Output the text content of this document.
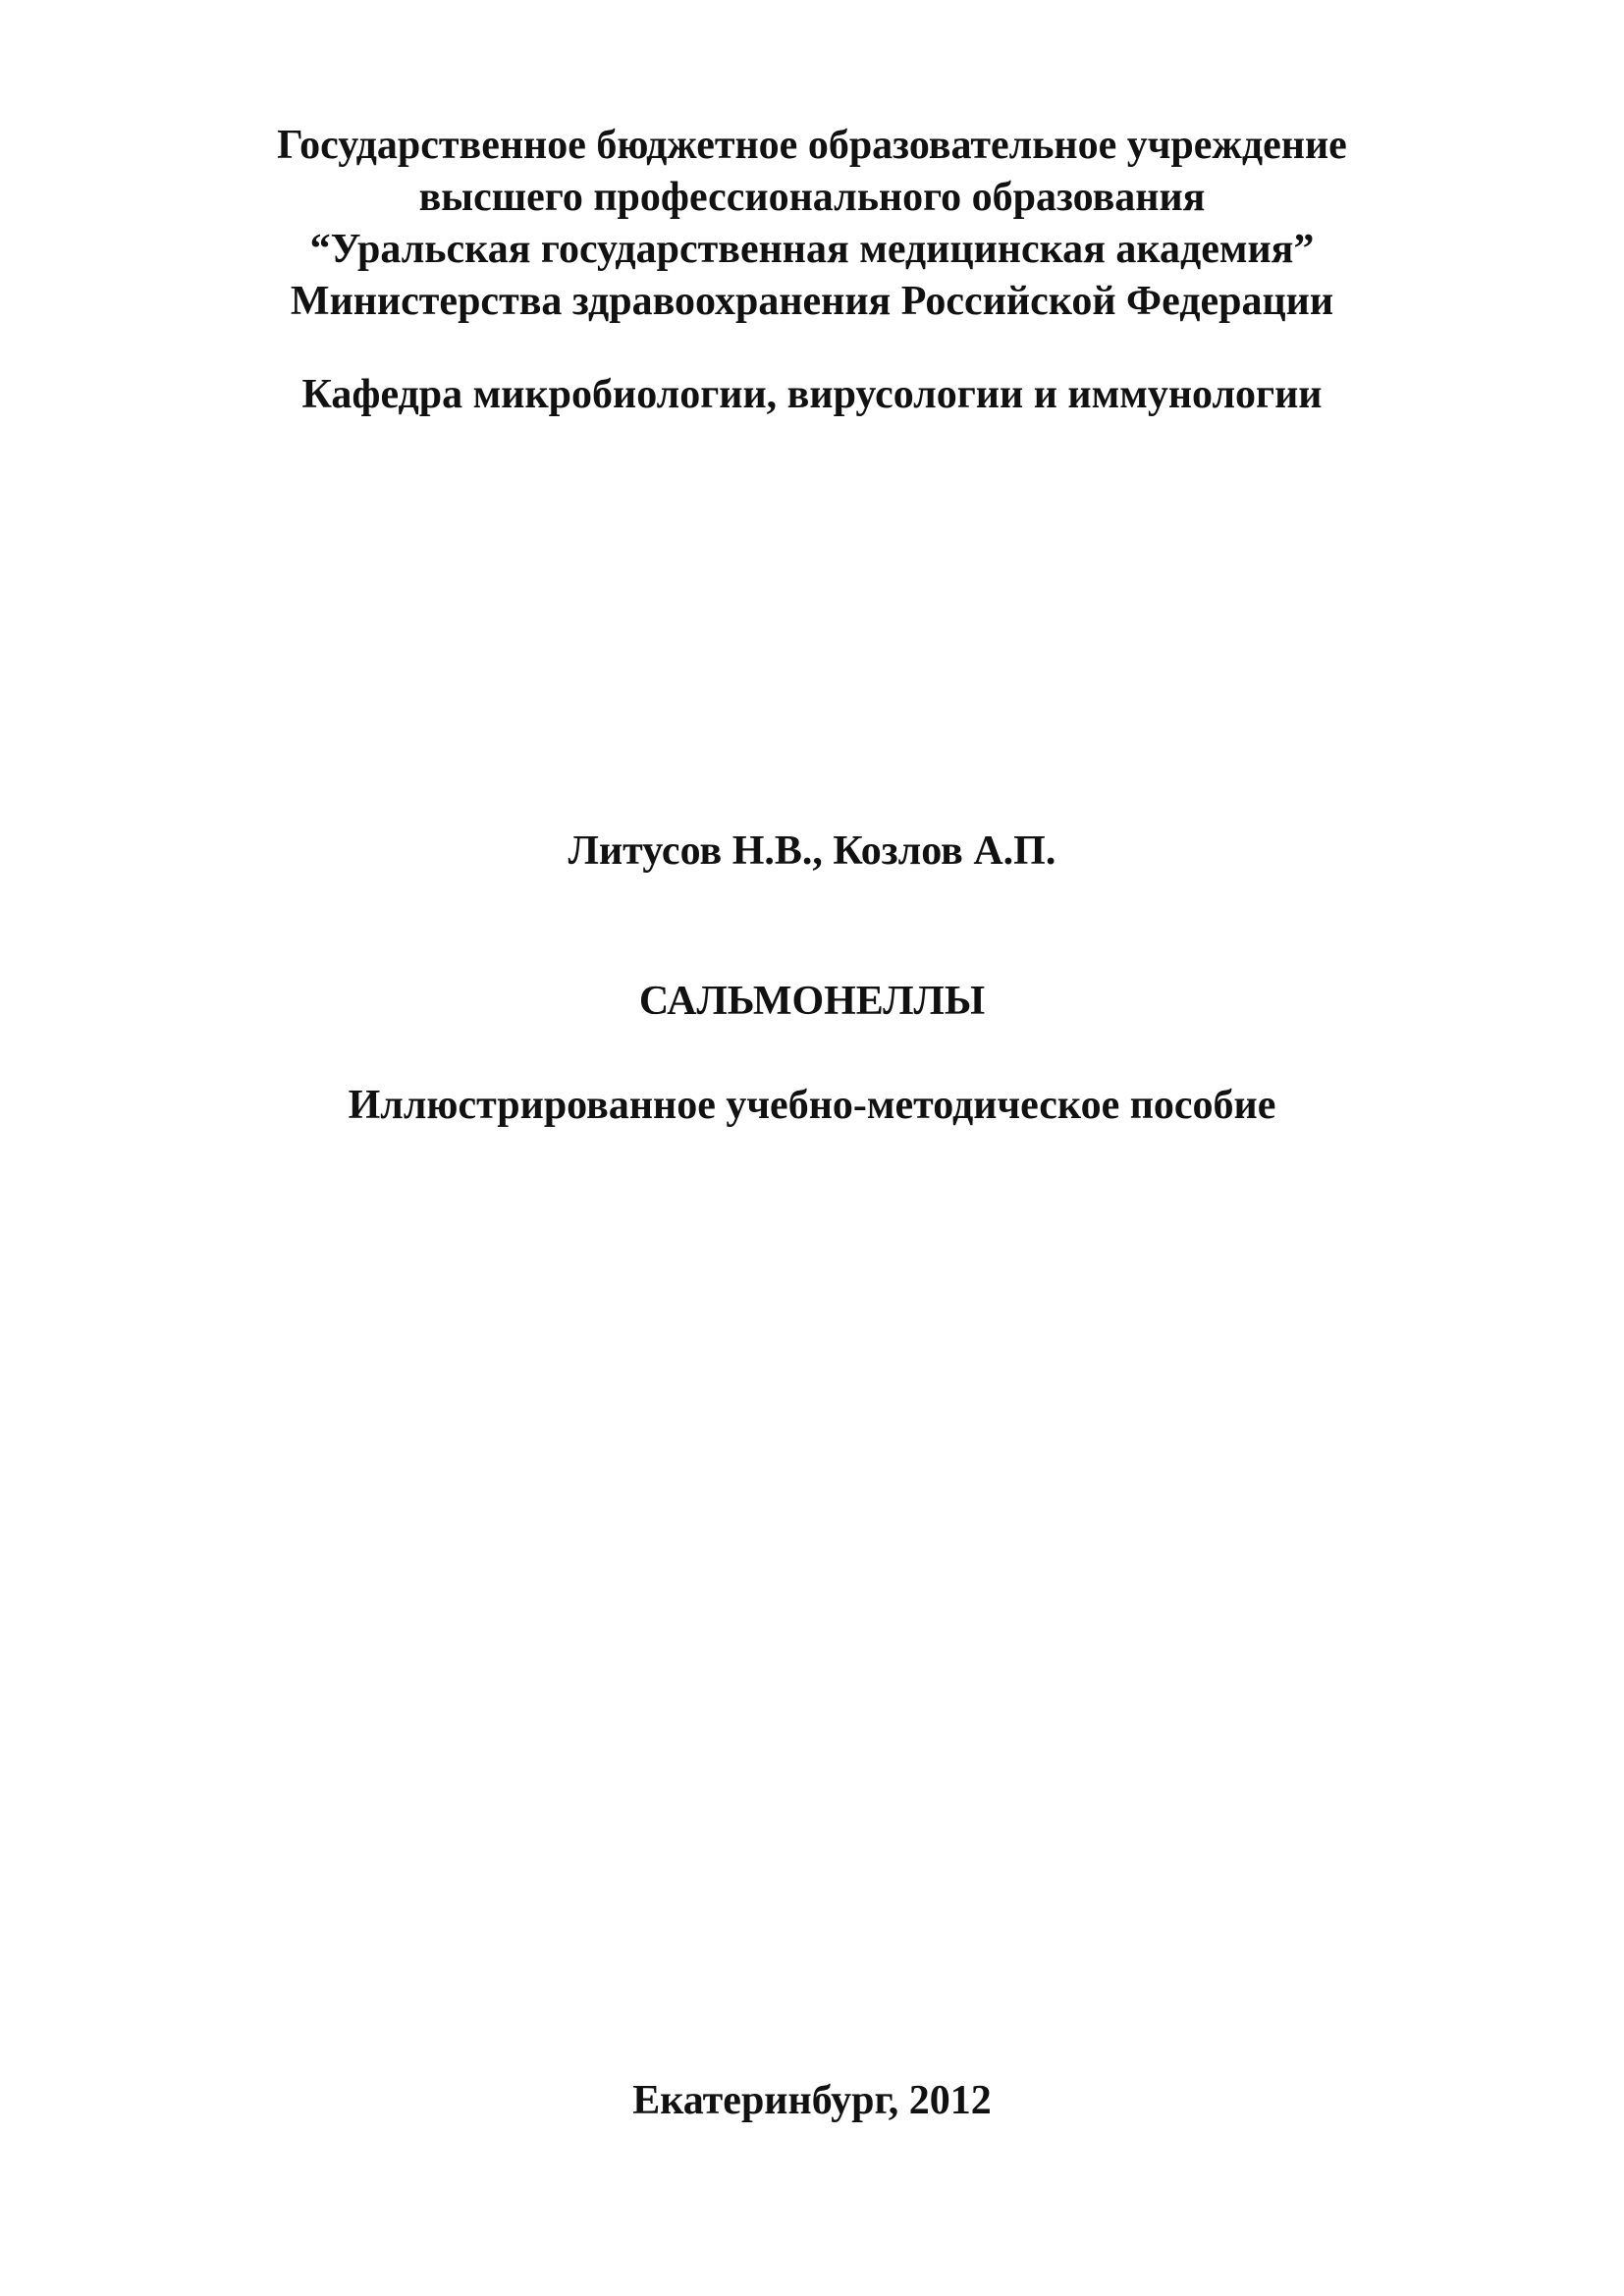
Государственное бюджетное образовательное учреждение
высшего профессионального образования
“Уральская государственная медицинская академия”
Министерства здравоохранения Российской Федерации
Кафедра микробиологии, вирусологии и иммунологии
Литусов Н.В., Козлов А.П.
САЛЬМОНЕЛЛЫ
Иллюстрированное учебно-методическое пособие
Екатеринбург, 2012
